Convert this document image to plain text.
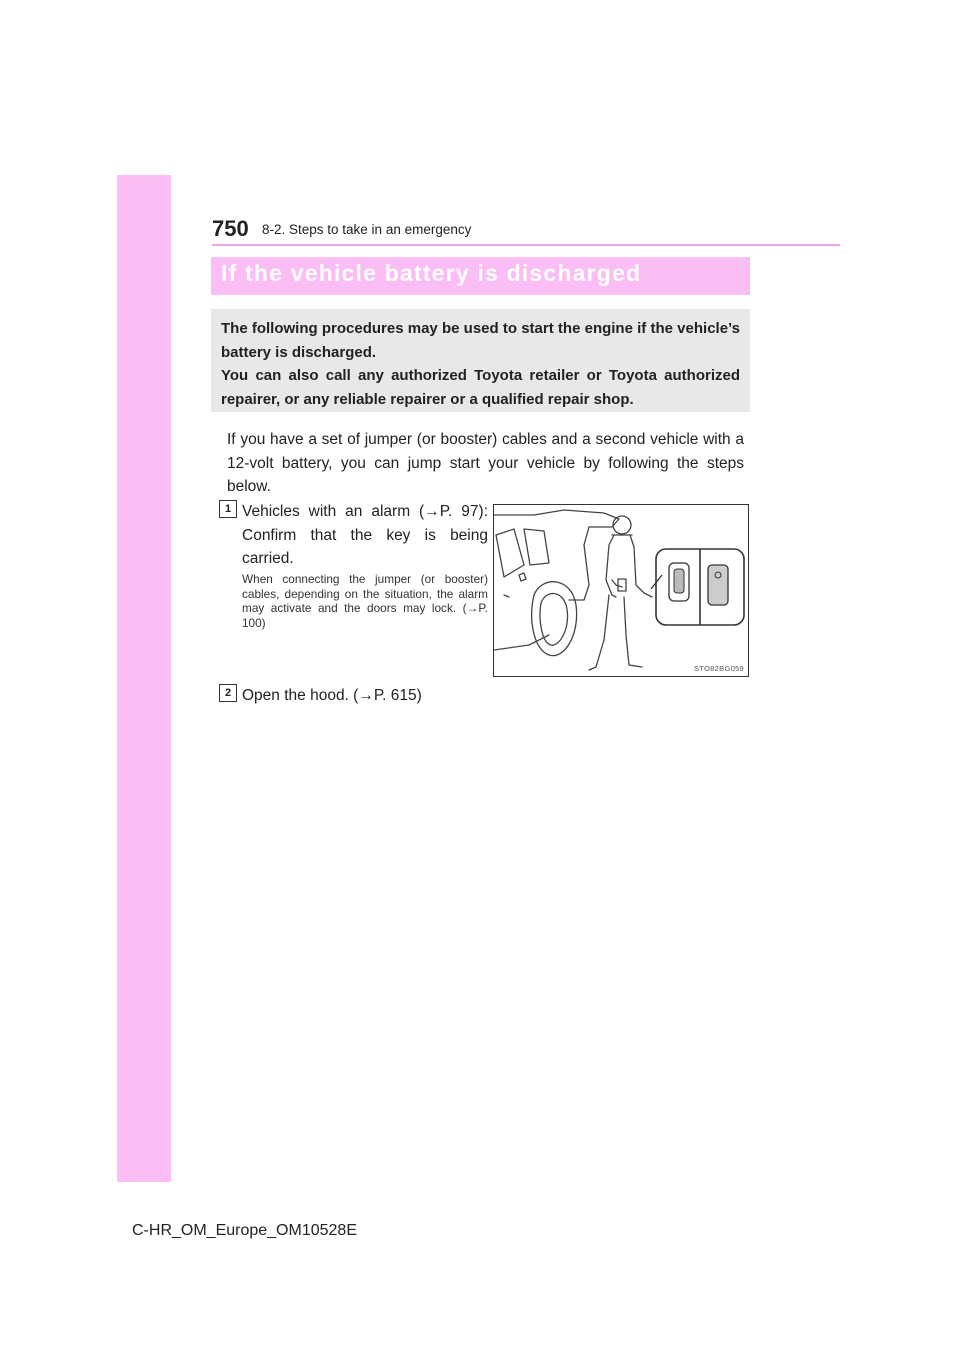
750 8-2. Steps to take in an emergency
If the vehicle battery is discharged

The following procedures may be used to start the engine if the vehicle’s battery is discharged.

You can also call any authorized Toyota retailer or Toyota authorized repairer, or any reliable repairer or a qualified repair shop.

If you have a set of jumper (or booster) cables and a second vehicle with a 12-volt battery, you can jump start your vehicle by following the steps below.

1 Vehicles with an alarm (→P. 97): Confirm that the key is being carried.

When connecting the jumper (or booster) cables, depending on the situation, the alarm may activate and the doors may lock. (→P. 100)

STO82BG059
2 Open the hood. (→P. 615)

C-HR_OM_Europe_OM10528E
